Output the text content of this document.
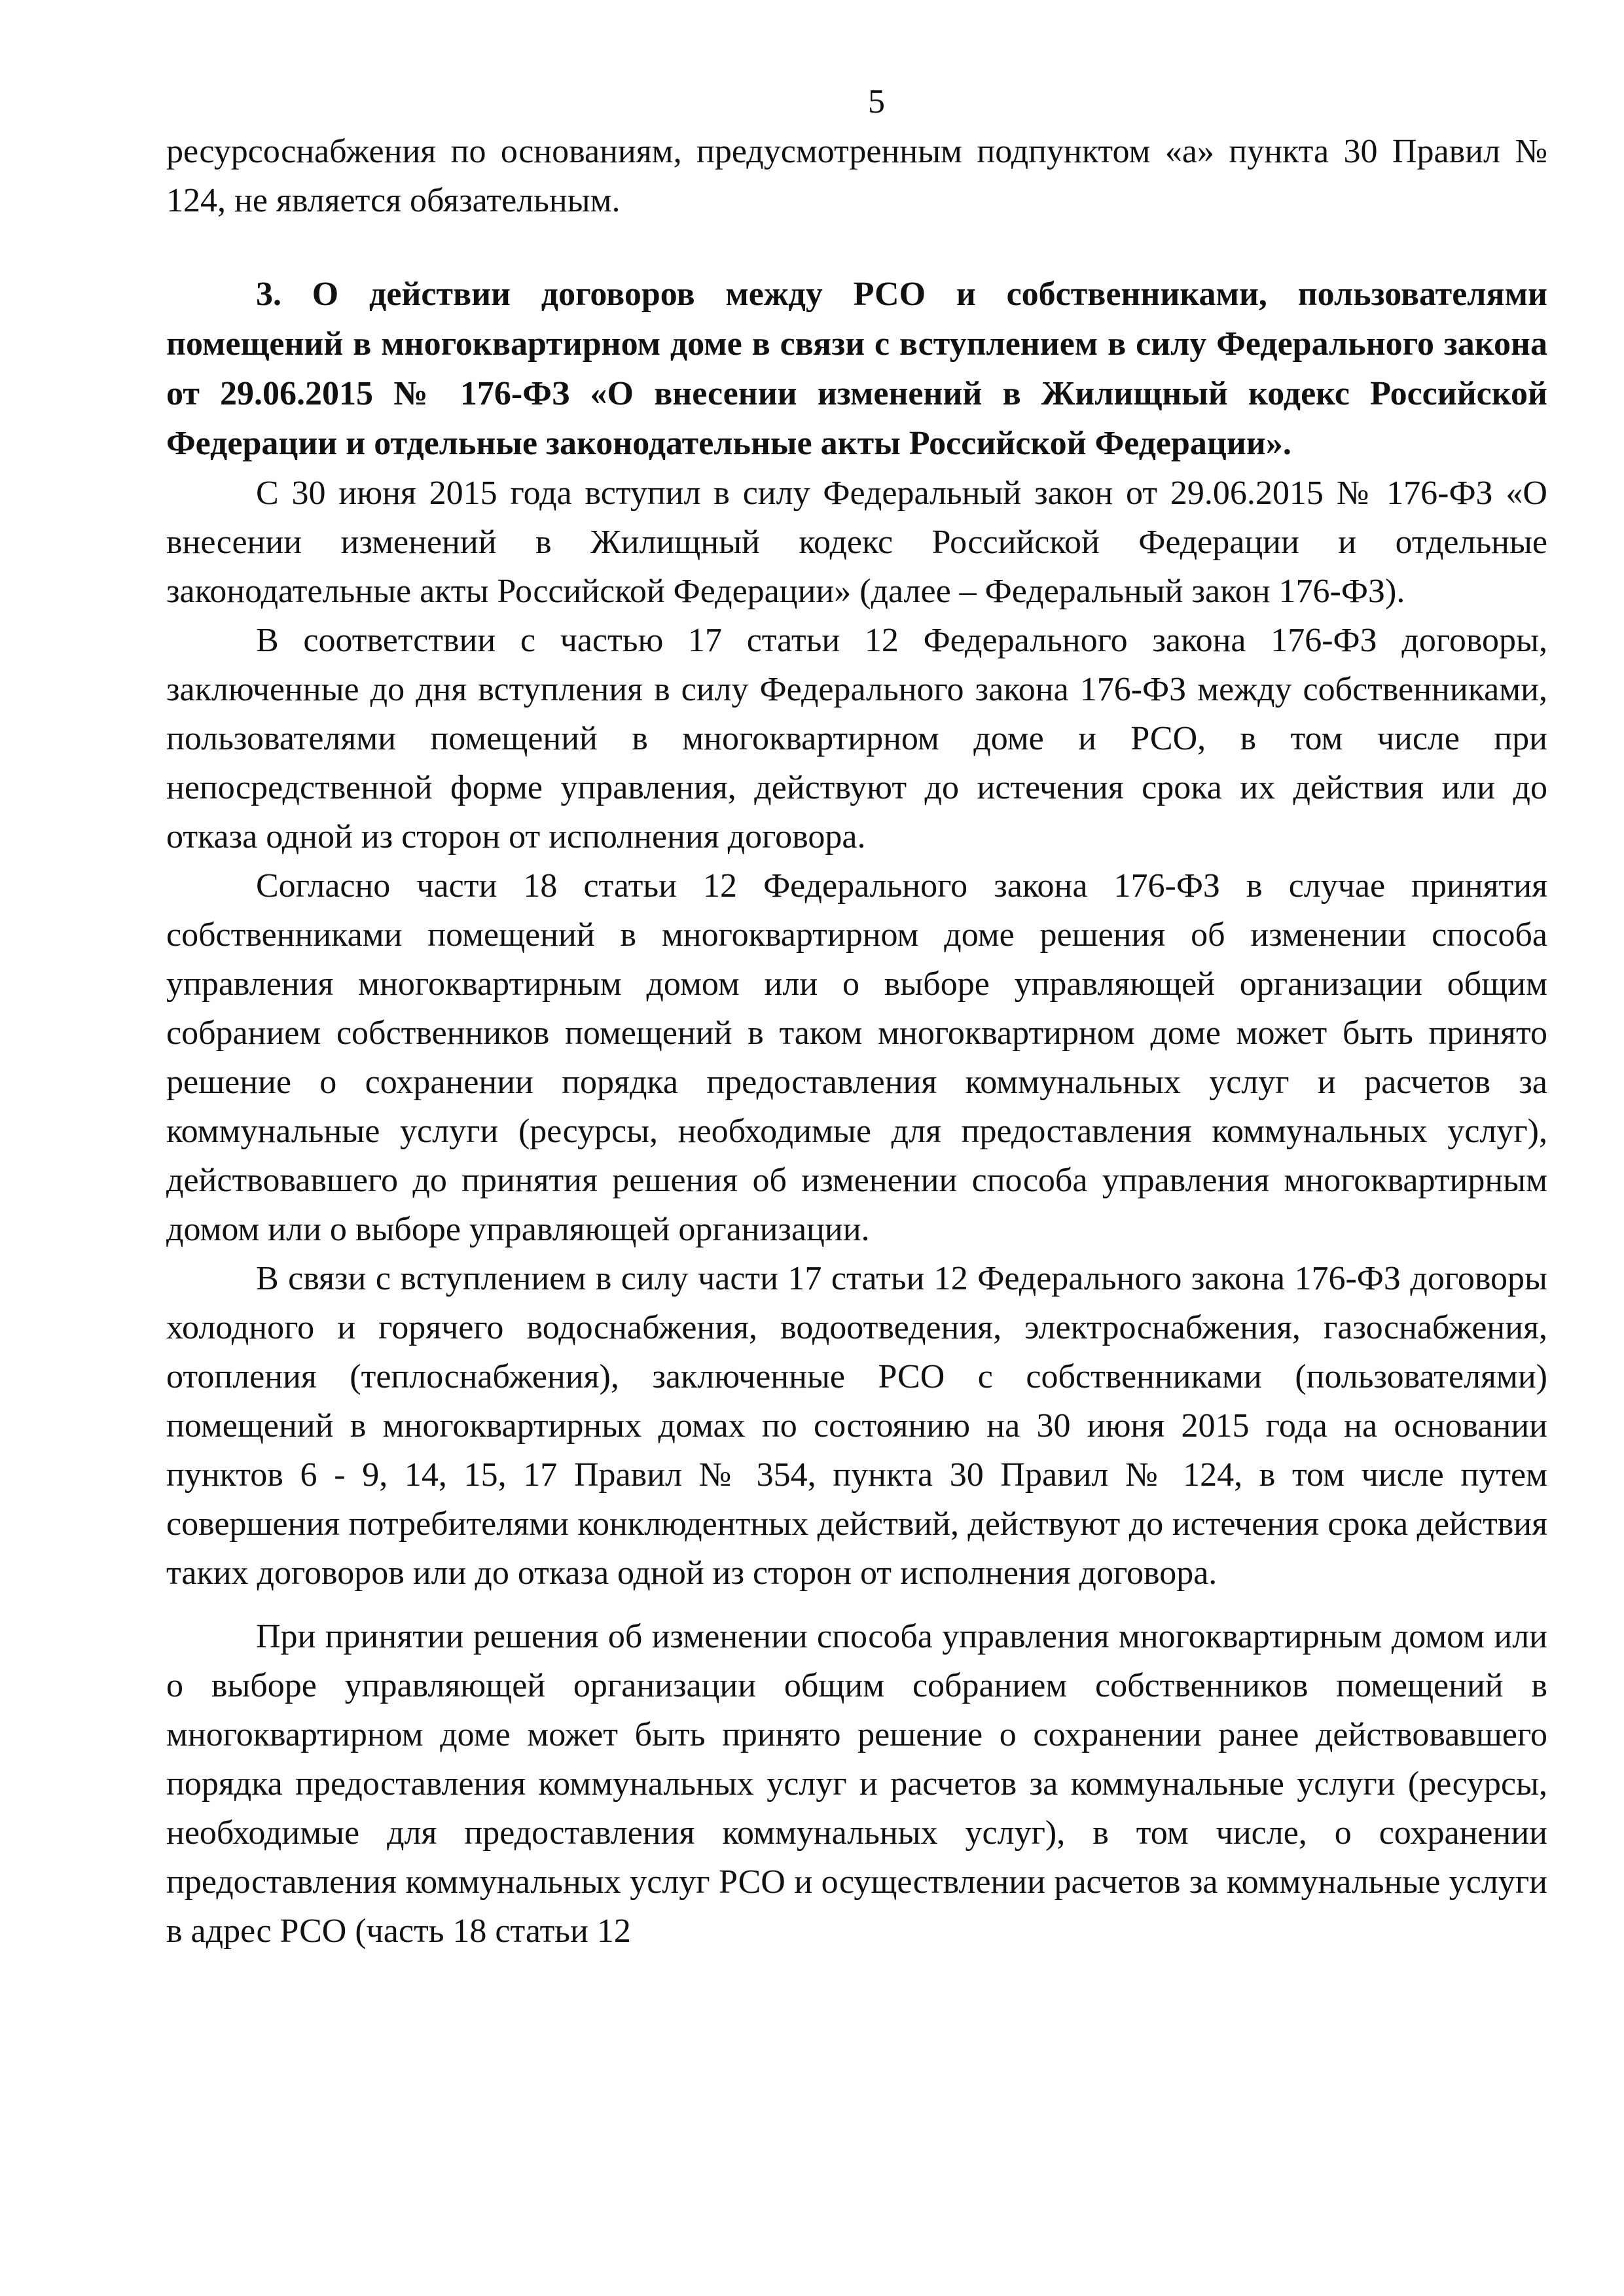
5

ресурсоснабжения по основаниям, предусмотренным подпунктом «а» пункта 30 Правил № 124, не является обязательным.

3. О действии договоров между РСО и собственниками, пользователями помещений в многоквартирном доме в связи с вступлением в силу Федерального закона от 29.06.2015 № 176-ФЗ «О внесении изменений в Жилищный кодекс Российской Федерации и отдельные законодательные акты Российской Федерации».

С 30 июня 2015 года вступил в силу Федеральный закон от 29.06.2015 № 176-ФЗ «О внесении изменений в Жилищный кодекс Российской Федерации и отдельные законодательные акты Российской Федерации» (далее – Федеральный закон 176-ФЗ).

В соответствии с частью 17 статьи 12 Федерального закона 176-ФЗ договоры, заключенные до дня вступления в силу Федерального закона 176-ФЗ между собственниками, пользователями помещений в многоквартирном доме и РСО, в том числе при непосредственной форме управления, действуют до истечения срока их действия или до отказа одной из сторон от исполнения договора.

Согласно части 18 статьи 12 Федерального закона 176-ФЗ в случае принятия собственниками помещений в многоквартирном доме решения об изменении способа управления многоквартирным домом или о выборе управляющей организации общим собранием собственников помещений в таком многоквартирном доме может быть принято решение о сохранении порядка предоставления коммунальных услуг и расчетов за коммунальные услуги (ресурсы, необходимые для предоставления коммунальных услуг), действовавшего до принятия решения об изменении способа управления многоквартирным домом или о выборе управляющей организации.

В связи с вступлением в силу части 17 статьи 12 Федерального закона 176-ФЗ договоры холодного и горячего водоснабжения, водоотведения, электроснабжения, газоснабжения, отопления (теплоснабжения), заключенные РСО с собственниками (пользователями) помещений в многоквартирных домах по состоянию на 30 июня 2015 года на основании пунктов 6 - 9, 14, 15, 17 Правил № 354, пункта 30 Правил № 124, в том числе путем совершения потребителями конклюдентных действий, действуют до истечения срока действия таких договоров или до отказа одной из сторон от исполнения договора.

При принятии решения об изменении способа управления многоквартирным домом или о выборе управляющей организации общим собранием собственников помещений в многоквартирном доме может быть принято решение о сохранении ранее действовавшего порядка предоставления коммунальных услуг и расчетов за коммунальные услуги (ресурсы, необходимые для предоставления коммунальных услуг), в том числе, о сохранении предоставления коммунальных услуг РСО и осуществлении расчетов за коммунальные услуги в адрес РСО (часть 18 статьи 12
